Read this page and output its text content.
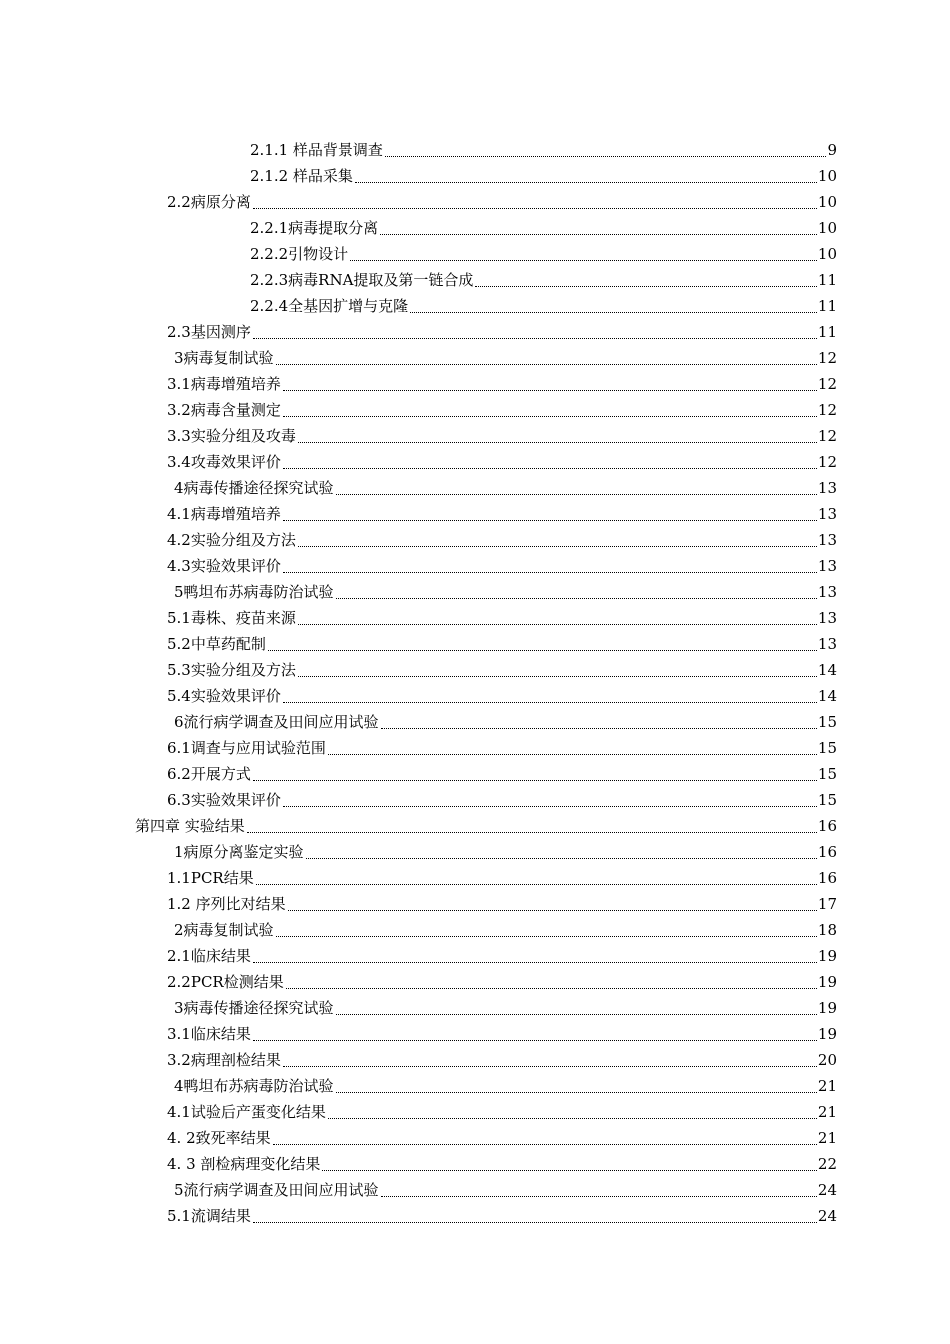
2.1.1 样品背景调查	9
2.1.2 样品采集	10
2.2病原分离	10
2.2.1病毒提取分离	10
2.2.2引物设计	10
2.2.3病毒RNA提取及第一链合成	11
2.2.4全基因扩增与克隆	11
2.3基因测序	11
3病毒复制试验	12
3.1病毒增殖培养	12
3.2病毒含量测定	12
3.3实验分组及攻毒	12
3.4攻毒效果评价	12
4病毒传播途径探究试验	13
4.1病毒增殖培养	13
4.2实验分组及方法	13
4.3实验效果评价	13
5鸭坦布苏病毒防治试验	13
5.1毒株、疫苗来源	13
5.2中草药配制	13
5.3实验分组及方法	14
5.4实验效果评价	14
6流行病学调查及田间应用试验	15
6.1调查与应用试验范围	15
6.2开展方式	15
6.3实验效果评价	15
第四章 实验结果	16
1病原分离鉴定实验	16
1.1PCR结果	16
1.2 序列比对结果	17
2病毒复制试验	18
2.1临床结果	19
2.2PCR检测结果	19
3病毒传播途径探究试验	19
3.1临床结果	19
3.2病理剖检结果	20
4鸭坦布苏病毒防治试验	21
4.1试验后产蛋变化结果	21
4. 2致死率结果	21
4. 3 剖检病理变化结果	22
5流行病学调查及田间应用试验	24
5.1流调结果	24
